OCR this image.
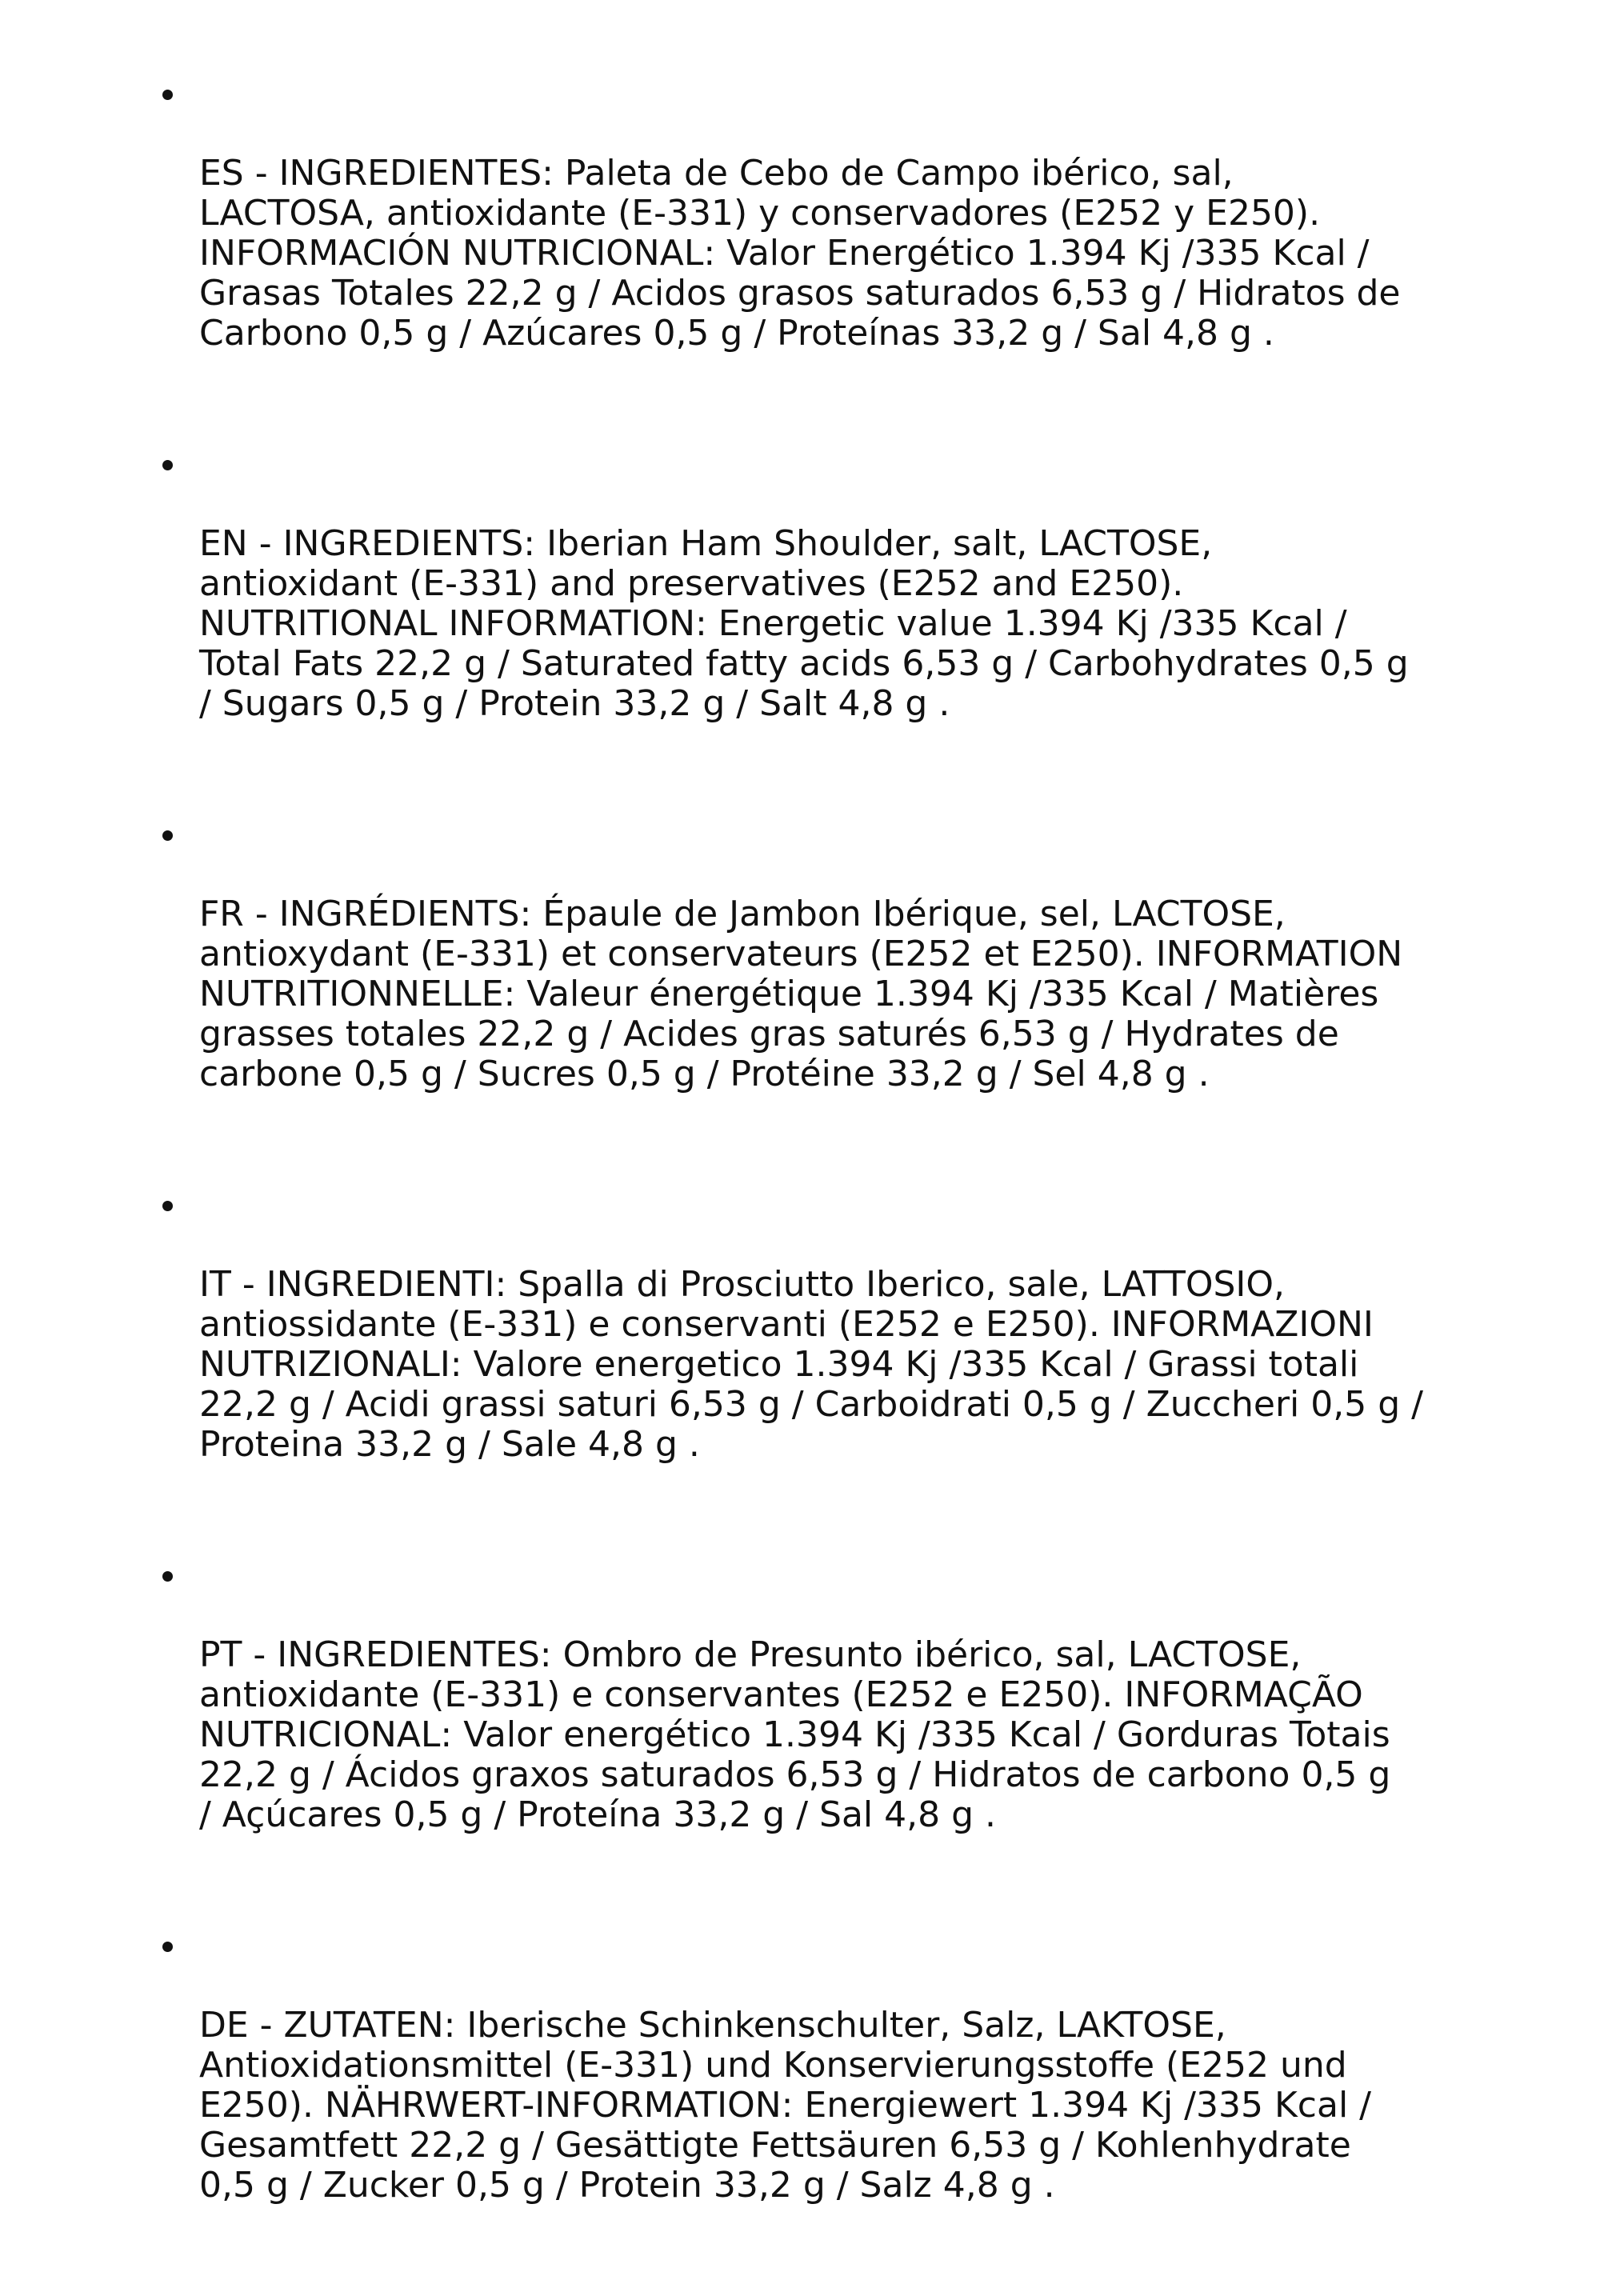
ES - INGREDIENTES: Paleta de Cebo de Campo ibérico, sal,
LACTOSA, antioxidante (E-331) y conservadores (E252 y E250).
INFORMACIÓN NUTRICIONAL: Valor Energético 1.394 Kj /335 Kcal /
Grasas Totales 22,2 g / Acidos grasos saturados 6,53 g / Hidratos de
Carbono 0,5 g / Azúcares 0,5 g / Proteínas 33,2 g / Sal 4,8 g .

EN - INGREDIENTS: Iberian Ham Shoulder, salt, LACTOSE,
antioxidant (E-331) and preservatives (E252 and E250).
NUTRITIONAL INFORMATION: Energetic value 1.394 Kj /335 Kcal /
Total Fats 22,2 g / Saturated fatty acids 6,53 g / Carbohydrates 0,5 g
/ Sugars 0,5 g / Protein 33,2 g / Salt 4,8 g .

FR - INGRÉDIENTS: Épaule de Jambon Ibérique, sel, LACTOSE,
antioxydant (E-331) et conservateurs (E252 et E250). INFORMATION
NUTRITIONNELLE: Valeur énergétique 1.394 Kj /335 Kcal / Matières
grasses totales 22,2 g / Acides gras saturés 6,53 g / Hydrates de
carbone 0,5 g / Sucres 0,5 g / Protéine 33,2 g / Sel 4,8 g .

IT - INGREDIENTI: Spalla di Prosciutto Iberico, sale, LATTOSIO,
antiossidante (E-331) e conservanti (E252 e E250). INFORMAZIONI
NUTRIZIONALI: Valore energetico 1.394 Kj /335 Kcal / Grassi totali
22,2 g / Acidi grassi saturi 6,53 g / Carboidrati 0,5 g / Zuccheri 0,5 g /
Proteina 33,2 g / Sale 4,8 g .

PT - INGREDIENTES: Ombro de Presunto ibérico, sal, LACTOSE,
antioxidante (E-331) e conservantes (E252 e E250). INFORMAÇÃO
NUTRICIONAL: Valor energético 1.394 Kj /335 Kcal / Gorduras Totais
22,2 g / Ácidos graxos saturados 6,53 g / Hidratos de carbono 0,5 g
/ Açúcares 0,5 g / Proteína 33,2 g / Sal 4,8 g .

DE - ZUTATEN: Iberische Schinkenschulter, Salz, LAKTOSE,
Antioxidationsmittel (E-331) und Konservierungsstoffe (E252 und
E250). NÄHRWERT-INFORMATION: Energiewert 1.394 Kj /335 Kcal /
Gesamtfett 22,2 g / Gesättigte Fettsäuren 6,53 g / Kohlenhydrate
0,5 g / Zucker 0,5 g / Protein 33,2 g / Salz 4,8 g .
